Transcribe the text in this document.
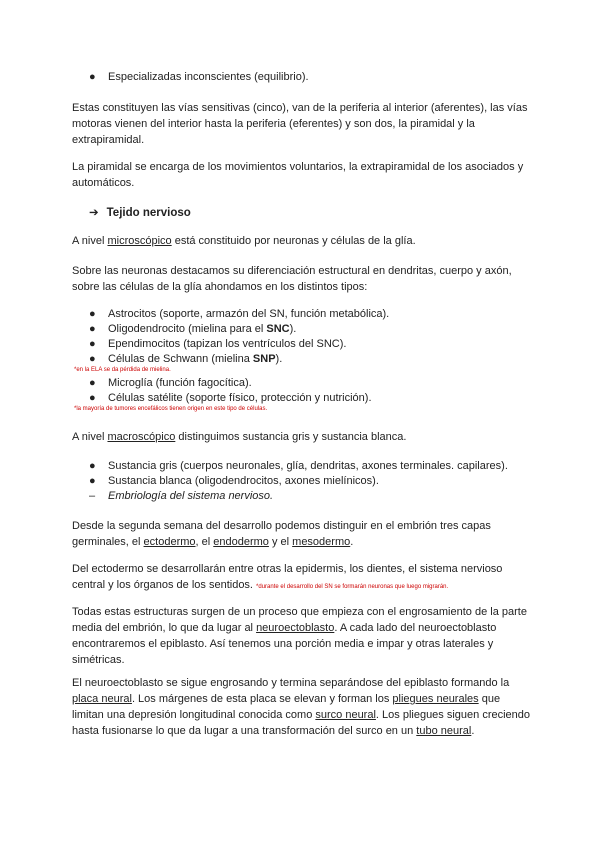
● Especializadas inconscientes (equilibrio).

Estas constituyen las vías sensitivas (cinco), van de la periferia al interior (aferentes), las vías motoras vienen del interior hasta la periferia (eferentes) y son dos, la piramidal y la extrapiramidal.

La piramidal se encarga de los movimientos voluntarios, la extrapiramidal de los asociados y automáticos.

➔ Tejido nervioso

A nivel microscópico está constituido por neuronas y células de la glía.

Sobre las neuronas destacamos su diferenciación estructural en dendritas, cuerpo y axón, sobre las células de la glía ahondamos en los distintos tipos:

● Astrocitos (soporte, armazón del SN, función metabólica).
● Oligodendrocito (mielina para el SNC).
● Ependimocitos (tapizan los ventrículos del SNC).
● Células de Schwann (mielina SNP).
*en la ELA se da pérdida de mielina.
● Microglía (función fagocítica).
● Células satélite (soporte físico, protección y nutrición).
*la mayoría de tumores encefálicos tienen origen en este tipo de células.

A nivel macroscópico distinguimos sustancia gris y sustancia blanca.

● Sustancia gris (cuerpos neuronales, glía, dendritas, axones terminales. capilares).
● Sustancia blanca (oligodendrocitos, axones mielínicos).
– Embriología del sistema nervioso.

Desde la segunda semana del desarrollo podemos distinguir en el embrión tres capas germinales, el ectodermo, el endodermo y el mesodermo.

Del ectodermo se desarrollarán entre otras la epidermis, los dientes, el sistema nervioso central y los órganos de los sentidos. *durante el desarrollo del SN se formarán neuronas que luego migrarán.

Todas estas estructuras surgen de un proceso que empieza con el engrosamiento de la parte media del embrión, lo que da lugar al neuroectoblasto. A cada lado del neuroectoblasto encontraremos el epiblasto. Así tenemos una porción media e impar y otras laterales y simétricas.

El neuroectoblasto se sigue engrosando y termina separándose del epiblasto formando la placa neural. Los márgenes de esta placa se elevan y forman los pliegues neurales que limitan una depresión longitudinal conocida como surco neural. Los pliegues siguen creciendo hasta fusionarse lo que da lugar a una transformación del surco en un tubo neural.
